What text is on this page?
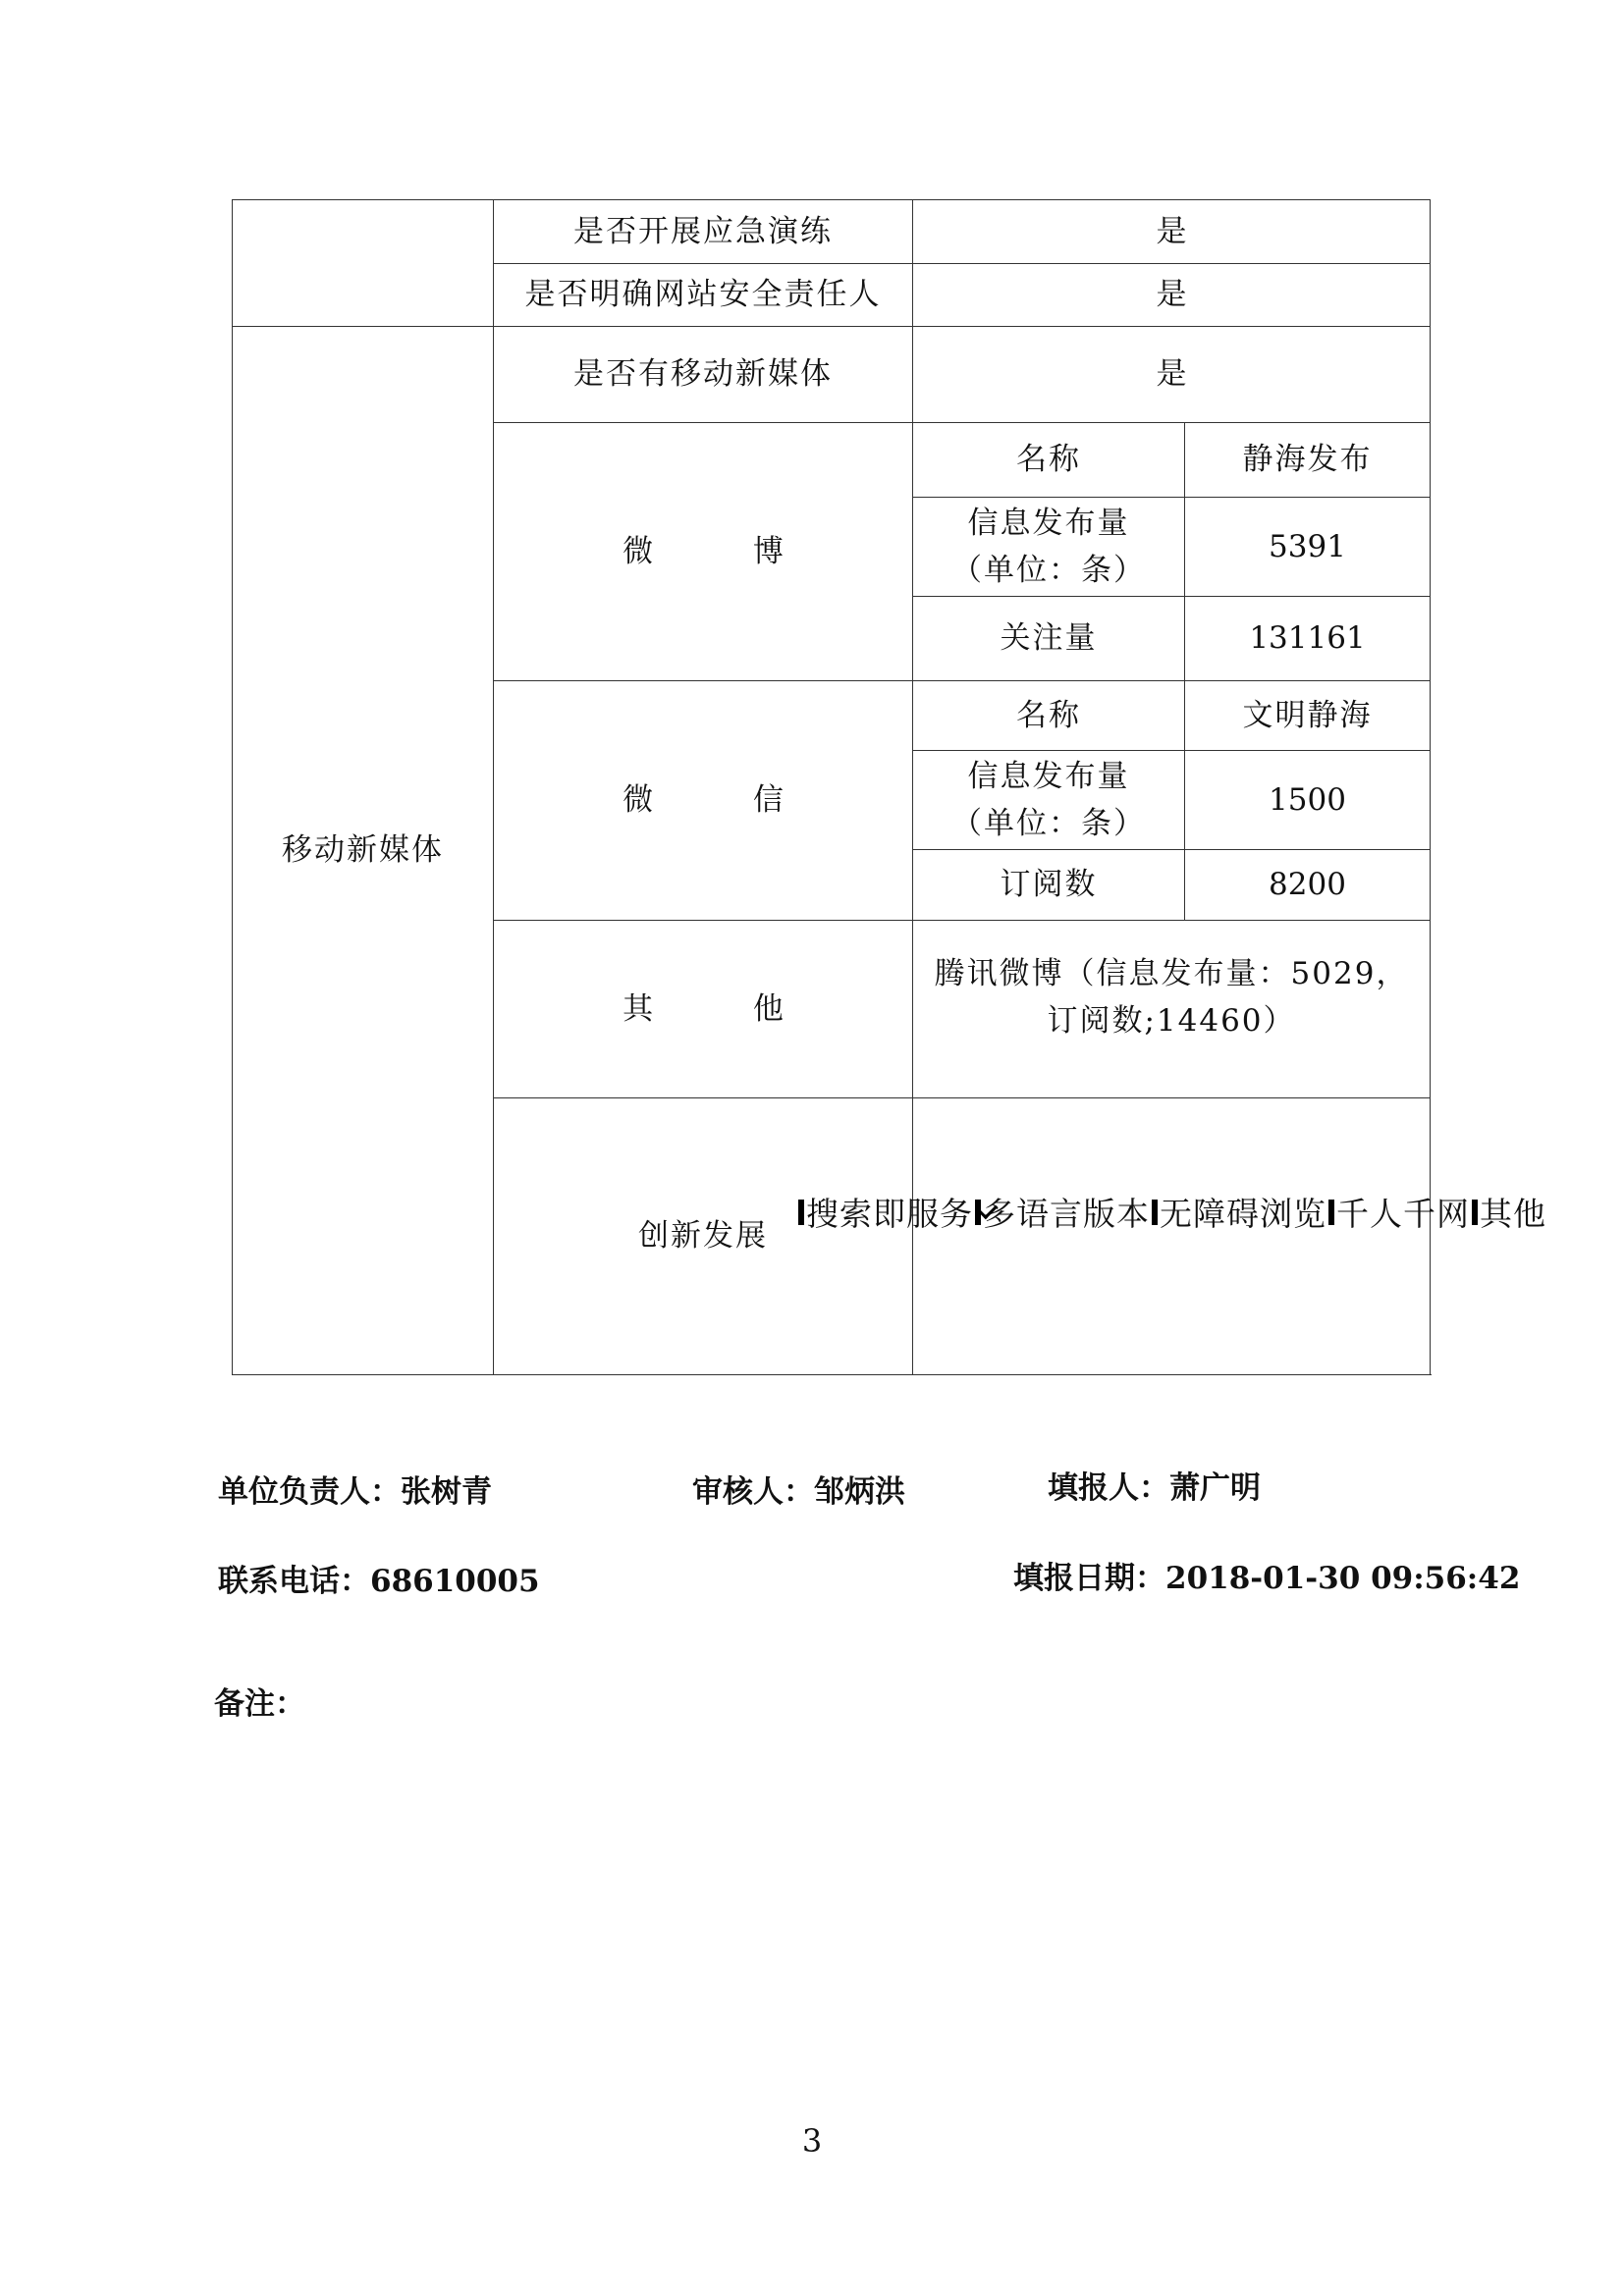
	是否开展应急演练	是	
	是否明确网站安全责任人	是	
移动新媒体	是否有移动新媒体	是	
	微 博	名称	静海发布

		信息发布量
（单位：条）	5391
		关注量	131161
	微 信	名称	文明静海

		信息发布量
（单位：条）	1500
		订阅数	8200
	其 他	腾讯微博（信息发布量：5029，
订阅数;14460）	

	创新发展	搜索即服务 多语言版本 无障碍浏览 千人千网 其他	
单位负责人：张树青	审核人：邹炳洪	填报人：萧广明
联系电话：68610005	填报日期：2018-01-30 09:56:42
备注：
3
